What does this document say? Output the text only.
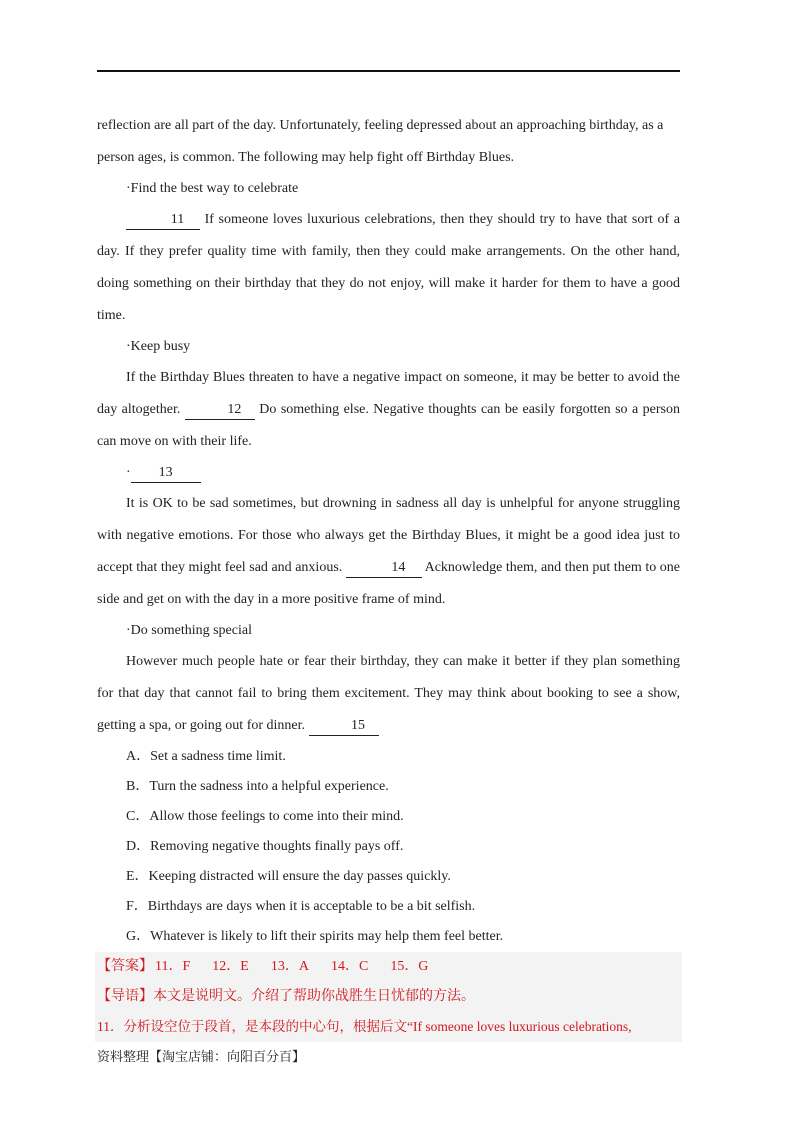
reflection are all part of the day. Unfortunately, feeling depressed about an approaching birthday, as a
person ages, is common. The following may help fight off Birthday Blues.
·Find the best way to celebrate
11 If someone loves luxurious celebrations, then they should try to have that sort of a day. If they prefer quality time with family, then they could make arrangements. On the other hand, doing something on their birthday that they do not enjoy, will make it harder for them to have a good time.
·Keep busy
If the Birthday Blues threaten to have a negative impact on someone, it may be better to avoid the day altogether.	12 Do something else. Negative thoughts can be easily forgotten so a person can move on with their life.
· 13
It is OK to be sad sometimes, but drowning in sadness all day is unhelpful for anyone struggling with negative emotions. For those who always get the Birthday Blues, it might be a good idea just to accept that they might feel sad and anxious.	14 Acknowledge them, and then put them to one side and get on with the day in a more positive frame of mind.
·Do something special
However much people hate or fear their birthday, they can make it better if they plan something for that day that cannot fail to bring them excitement. They may think about booking to see a show, getting a spa, or going out for dinner.	15
A．Set a sadness time limit.
B．Turn the sadness into a helpful experience.
C．Allow those feelings to come into their mind.
D．Removing negative thoughts finally pays off.
E．Keeping distracted will ensure the day passes quickly.
F．Birthdays are days when it is acceptable to be a bit selfish.
G．Whatever is likely to lift their spirits may help them feel better.
【答案】 11．F 12．E 13．A 14．C 15．G
【导语】本文是说明文。介绍了帮助你战胜生日忧郁的方法。
11．分析设空位于段首，是本段的中心句，根据后文“If someone loves luxurious celebrations,
资料整理【淘宝店铺：向阳百分百】
